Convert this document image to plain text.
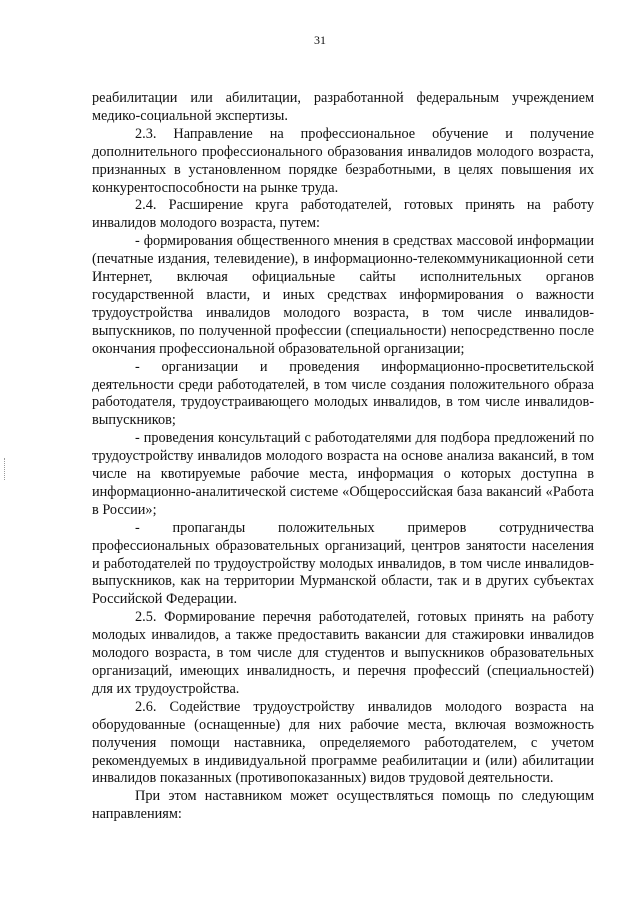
31

реабилитации или абилитации, разработанной федеральным учреждением медико-социальной экспертизы.

2.3. Направление на профессиональное обучение и получение дополнительного профессионального образования инвалидов молодого возраста, признанных в установленном порядке безработными, в целях повышения их конкурентоспособности на рынке труда.

2.4. Расширение круга работодателей, готовых принять на работу инвалидов молодого возраста, путем:

- формирования общественного мнения в средствах массовой информации (печатные издания, телевидение), в информационно-телекоммуникационной сети Интернет, включая официальные сайты исполнительных органов государственной власти, и иных средствах информирования о важности трудоустройства инвалидов молодого возраста, в том числе инвалидов-выпускников, по полученной профессии (специальности) непосредственно после окончания профессиональной образовательной организации;

- организации и проведения информационно-просветительской деятельности среди работодателей, в том числе создания положительного образа работодателя, трудоустраивающего молодых инвалидов, в том числе инвалидов-выпускников;

- проведения консультаций с работодателями для подбора предложений по трудоустройству инвалидов молодого возраста на основе анализа вакансий, в том числе на квотируемые рабочие места, информация о которых доступна в информационно-аналитической системе «Общероссийская база вакансий «Работа в России»;

- пропаганды положительных примеров сотрудничества профессиональных образовательных организаций, центров занятости населения и работодателей по трудоустройству молодых инвалидов, в том числе инвалидов-выпускников, как на территории Мурманской области, так и в других субъектах Российской Федерации.

2.5. Формирование перечня работодателей, готовых принять на работу молодых инвалидов, а также предоставить вакансии для стажировки инвалидов молодого возраста, в том числе для студентов и выпускников образовательных организаций, имеющих инвалидность, и перечня профессий (специальностей) для их трудоустройства.

2.6. Содействие трудоустройству инвалидов молодого возраста на оборудованные (оснащенные) для них рабочие места, включая возможность получения помощи наставника, определяемого работодателем, с учетом рекомендуемых в индивидуальной программе реабилитации и (или) абилитации инвалидов показанных (противопоказанных) видов трудовой деятельности.

При этом наставником может осуществляться помощь по следующим направлениям:
